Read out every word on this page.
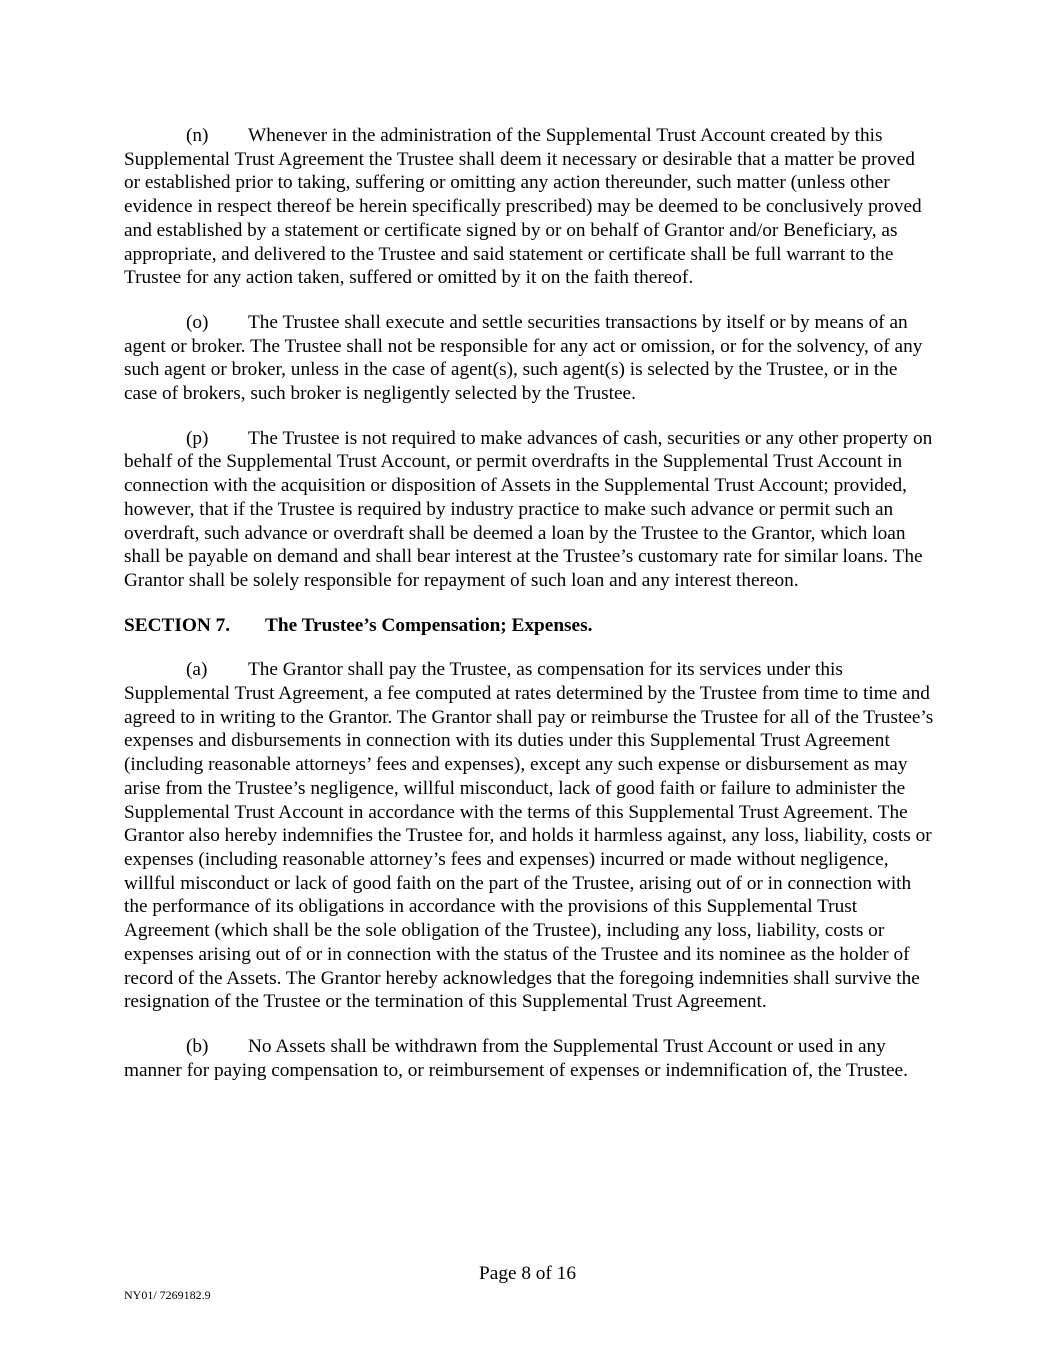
(n) Whenever in the administration of the Supplemental Trust Account created by this Supplemental Trust Agreement the Trustee shall deem it necessary or desirable that a matter be proved or established prior to taking, suffering or omitting any action thereunder, such matter (unless other evidence in respect thereof be herein specifically prescribed) may be deemed to be conclusively proved and established by a statement or certificate signed by or on behalf of Grantor and/or Beneficiary, as appropriate, and delivered to the Trustee and said statement or certificate shall be full warrant to the Trustee for any action taken, suffered or omitted by it on the faith thereof.

(o) The Trustee shall execute and settle securities transactions by itself or by means of an agent or broker. The Trustee shall not be responsible for any act or omission, or for the solvency, of any such agent or broker, unless in the case of agent(s), such agent(s) is selected by the Trustee, or in the case of brokers, such broker is negligently selected by the Trustee.

(p) The Trustee is not required to make advances of cash, securities or any other property on behalf of the Supplemental Trust Account, or permit overdrafts in the Supplemental Trust Account in connection with the acquisition or disposition of Assets in the Supplemental Trust Account; provided, however, that if the Trustee is required by industry practice to make such advance or permit such an overdraft, such advance or overdraft shall be deemed a loan by the Trustee to the Grantor, which loan shall be payable on demand and shall bear interest at the Trustee’s customary rate for similar loans. The Grantor shall be solely responsible for repayment of such loan and any interest thereon.

SECTION 7. The Trustee’s Compensation; Expenses.

(a) The Grantor shall pay the Trustee, as compensation for its services under this Supplemental Trust Agreement, a fee computed at rates determined by the Trustee from time to time and agreed to in writing to the Grantor. The Grantor shall pay or reimburse the Trustee for all of the Trustee’s expenses and disbursements in connection with its duties under this Supplemental Trust Agreement (including reasonable attorneys’ fees and expenses), except any such expense or disbursement as may arise from the Trustee’s negligence, willful misconduct, lack of good faith or failure to administer the Supplemental Trust Account in accordance with the terms of this Supplemental Trust Agreement. The Grantor also hereby indemnifies the Trustee for, and holds it harmless against, any loss, liability, costs or expenses (including reasonable attorney’s fees and expenses) incurred or made without negligence, willful misconduct or lack of good faith on the part of the Trustee, arising out of or in connection with the performance of its obligations in accordance with the provisions of this Supplemental Trust Agreement (which shall be the sole obligation of the Trustee), including any loss, liability, costs or expenses arising out of or in connection with the status of the Trustee and its nominee as the holder of record of the Assets. The Grantor hereby acknowledges that the foregoing indemnities shall survive the resignation of the Trustee or the termination of this Supplemental Trust Agreement.

(b) No Assets shall be withdrawn from the Supplemental Trust Account or used in any manner for paying compensation to, or reimbursement of expenses or indemnification of, the Trustee.

Page 8 of 16
NY01/ 7269182.9
